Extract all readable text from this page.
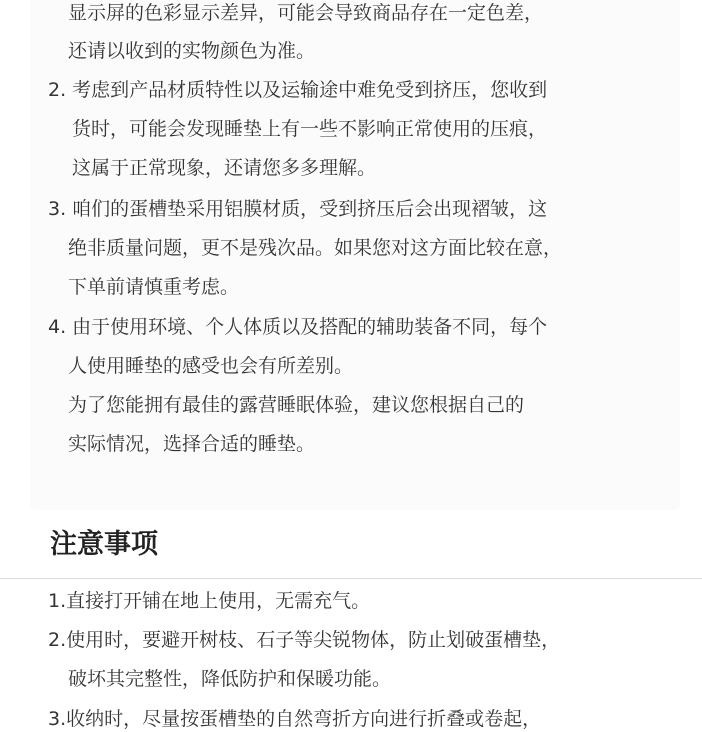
显示屏的色彩显示差异，可能会导致商品存在一定色差，
还请以收到的实物颜色为准。
2. 考虑到产品材质特性以及运输途中难免受到挤压，您收到
货时，可能会发现睡垫上有一些不影响正常使用的压痕，
这属于正常现象，还请您多多理解。
3. 咱们的蛋槽垫采用铝膜材质，受到挤压后会出现褶皱，这
绝非质量问题，更不是残次品。如果您对这方面比较在意，
下单前请慎重考虑。
4. 由于使用环境、个人体质以及搭配的辅助装备不同，每个
人使用睡垫的感受也会有所差别。
为了您能拥有最佳的露营睡眠体验，建议您根据自己的
实际情况，选择合适的睡垫。
注意事项
1.直接打开铺在地上使用，无需充气。
2.使用时，要避开树枝、石子等尖锐物体，防止划破蛋槽垫，
破坏其完整性，降低防护和保暖功能。
3.收纳时，尽量按蛋槽垫的自然弯折方向进行折叠或卷起，
